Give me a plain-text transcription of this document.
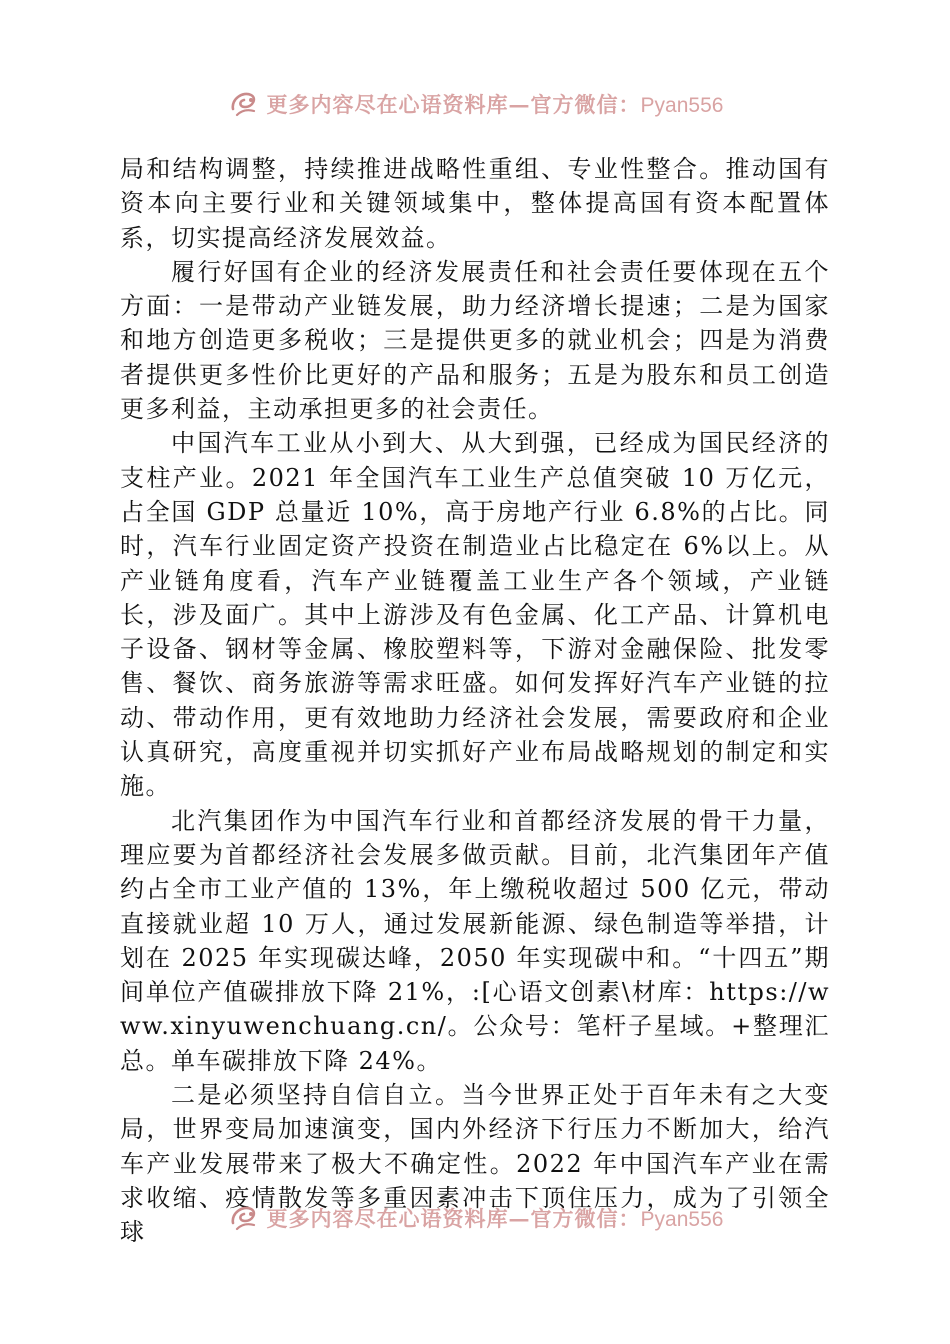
更多内容尽在心语资料库—官方微信：Pyan556

局和结构调整，持续推进战略性重组、专业性整合。推动国有资本向主要行业和关键领域集中，整体提高国有资本配置体系，切实提高经济发展效益。

履行好国有企业的经济发展责任和社会责任要体现在五个方面：一是带动产业链发展，助力经济增长提速；二是为国家和地方创造更多税收；三是提供更多的就业机会；四是为消费者提供更多性价比更好的产品和服务；五是为股东和员工创造更多利益，主动承担更多的社会责任。

中国汽车工业从小到大、从大到强，已经成为国民经济的支柱产业。2021 年全国汽车工业生产总值突破 10 万亿元，占全国 GDP 总量近 10%，高于房地产行业 6.8%的占比。同时，汽车行业固定资产投资在制造业占比稳定在 6%以上。从产业链角度看，汽车产业链覆盖工业生产各个领域，产业链长，涉及面广。其中上游涉及有色金属、化工产品、计算机电子设备、钢材等金属、橡胶塑料等，下游对金融保险、批发零售、餐饮、商务旅游等需求旺盛。如何发挥好汽车产业链的拉动、带动作用，更有效地助力经济社会发展，需要政府和企业认真研究，高度重视并切实抓好产业布局战略规划的制定和实施。

北汽集团作为中国汽车行业和首都经济发展的骨干力量，理应要为首都经济社会发展多做贡献。目前，北汽集团年产值约占全市工业产值的 13%，年上缴税收超过 500 亿元，带动直接就业超 10 万人，通过发展新能源、绿色制造等举措，计划在 2025 年实现碳达峰，2050 年实现碳中和。“十四五”期间单位产值碳排放下降 21%，:[心语文创素\材库：https://www.xinyuwenchuang.cn/。公众号：笔杆子星域。+整理汇总。单车碳排放下降 24%。

二是必须坚持自信自立。当今世界正处于百年未有之大变局，世界变局加速演变，国内外经济下行压力不断加大，给汽车产业发展带来了极大不确定性。2022 年中国汽车产业在需求收缩、疫情散发等多重因素冲击下顶住压力，成为了引领全球	更多内容尽在心语资料库—官方微信：Pyan556
